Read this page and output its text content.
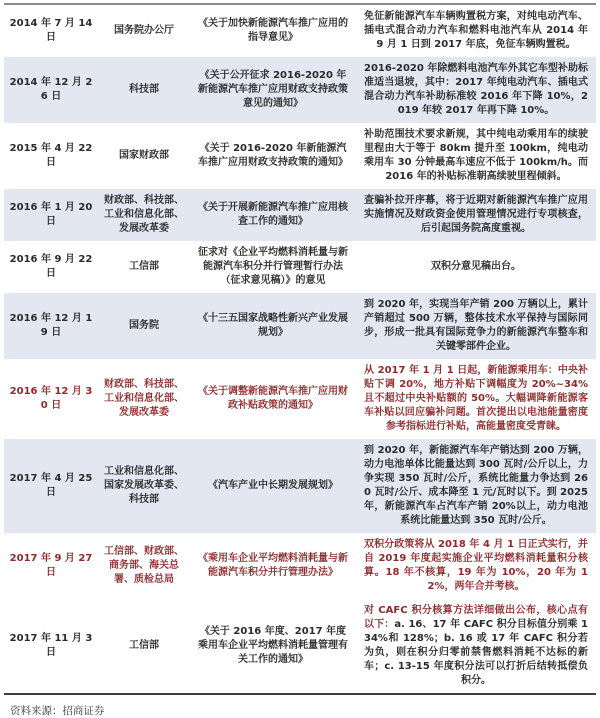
2014 年 7 月 14 日	国务院办公厅	《关于加快新能源汽车推广应用的指导意见》	免征新能源汽车车辆购置税方案，对纯电动汽车、插电式混合动力汽车和燃料电池汽车从 2014 年 9 月 1 日到 2017 年底，免征车辆购置税。
2014 年 12 月 26 日	科技部	《关于公开征求 2016-2020 年新能源汽车推广应用财政支持政策意见的通知》	2016-2020 年除燃料电池汽车外其它车型补助标准适当退坡，其中：2017 年纯电动汽车、插电式混合动力汽车补助标准较 2016 年下降 10%，2019 年较 2017 年再下降 10%。
2015 年 4 月 22 日	国家财政部	《关于 2016-2020 年新能源汽车推广应用财政支持政策的通知》	补助范围技术要求新规，其中纯电动乘用车的续驶里程由大于等于 80km 提升至 100km，纯电动乘用车 30 分钟最高车速应不低于 100km/h。而 2016 年的补贴标准朝高续驶里程倾斜。
2016 年 1 月 20 日	财政部、科技部、工业和信息化部、发展改革委	《关于开展新能源汽车推广应用核查工作的通知》	查骗补拉开序幕，将于近期对新能源汽车推广应用实施情况及财政资金使用管理情况进行专项核查，后引起国务院高度重视。
2016 年 9 月 22 日	工信部	征求对《企业平均燃料消耗量与新能源汽车积分并行管理暂行办法（征求意见稿）》的意见	双积分意见稿出台。
2016 年 12 月 19 日	国务院	《十三五国家战略性新兴产业发展规划》	到 2020 年，实现当年产销 200 万辆以上，累计产销超过 500 万辆，整体技术水平保持与国际同步，形成一批具有国际竞争力的新能源汽车整车和关键零部件企业。
2016 年 12 月 30 日	财政部、科技部、工业和信息化部、发展改革委	《关于调整新能源汽车推广应用财政补贴政策的通知》	从 2017 年 1 月 1 日起，新能源乘用车：中央补贴下调 20%，地方补贴下调幅度为 20%~34%且不超过中央补贴额的 50%。大幅调降新能源客车补贴以回应骗补问题。首次提出以电池能量密度参考指标进行补贴，高能量密度受青睐。
2017 年 4 月 25 日	工业和信息化部、国家发展改革委、科技部	《汽车产业中长期发展规划》	到 2020 年，新能源汽车年产销达到 200 万辆，动力电池单体比能量达到 300 瓦时/公斤以上，力争实现 350 瓦时/公斤，系统比能量力争达到 260 瓦时/公斤、成本降至 1 元/瓦时以下。到 2025 年，新能源汽车占汽车产销 20%以上，动力电池系统比能量达到 350 瓦时/公斤。
2017 年 9 月 27 日	工信部、财政部、商务部、海关总署、质检总局	《乘用车企业平均燃料消耗量与新能源汽车积分并行管理办法》	双积分政策将从 2018 年 4 月 1 日正式实行，并自 2019 年度起实施企业平均燃料消耗量积分核算。18 年不核算，19 年为 10%，20 年为 12%，两年合并考核。
2017 年 11 月 3 日	工信部	《关于 2016 年度、2017 年度乘用车企业平均燃料消耗量管理有关工作的通知》	对 CAFC 积分核算方法详细做出公布，核心点有以下：a. 16、17 年 CAFC 积分目标值分别乘 134%和 128%；b. 16 或 17 年 CAFC 积分若为负，则在积分归零前禁售燃料消耗不达标的新车；c. 13-15 年度积分法可以打折后结转抵偿负积分。
资料来源：招商证券
